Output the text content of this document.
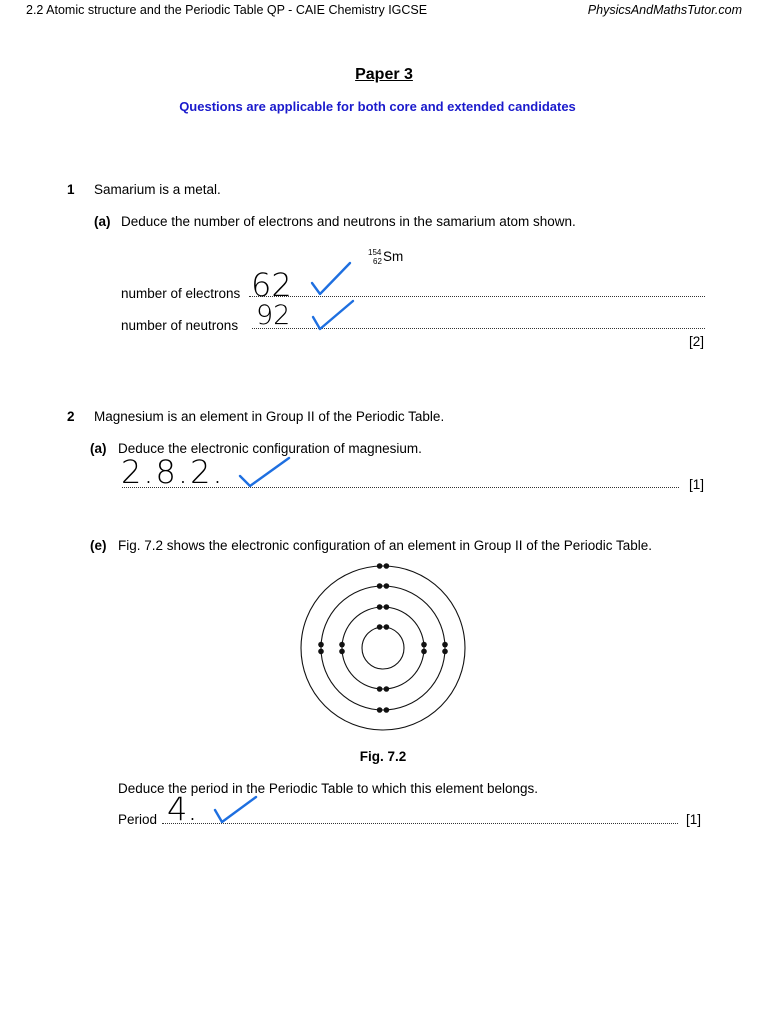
2.2 Atomic structure and the Periodic Table QP - CAIE Chemistry IGCSE	PhysicsAndMathsTutor.com
Paper 3
Questions are applicable for both core and extended candidates
1 Samarium is a metal.
(a) Deduce the number of electrons and neutrons in the samarium atom shown.
154
62 Sm
number of electrons 62
number of neutrons 92
[2]
2 Magnesium is an element in Group II of the Periodic Table.
(a) Deduce the electronic configuration of magnesium.
2.8.2.	[1]
(e) Fig. 7.2 shows the electronic configuration of an element in Group II of the Periodic Table.
Fig. 7.2
Deduce the period in the Periodic Table to which this element belongs.
Period 4.	[1]
